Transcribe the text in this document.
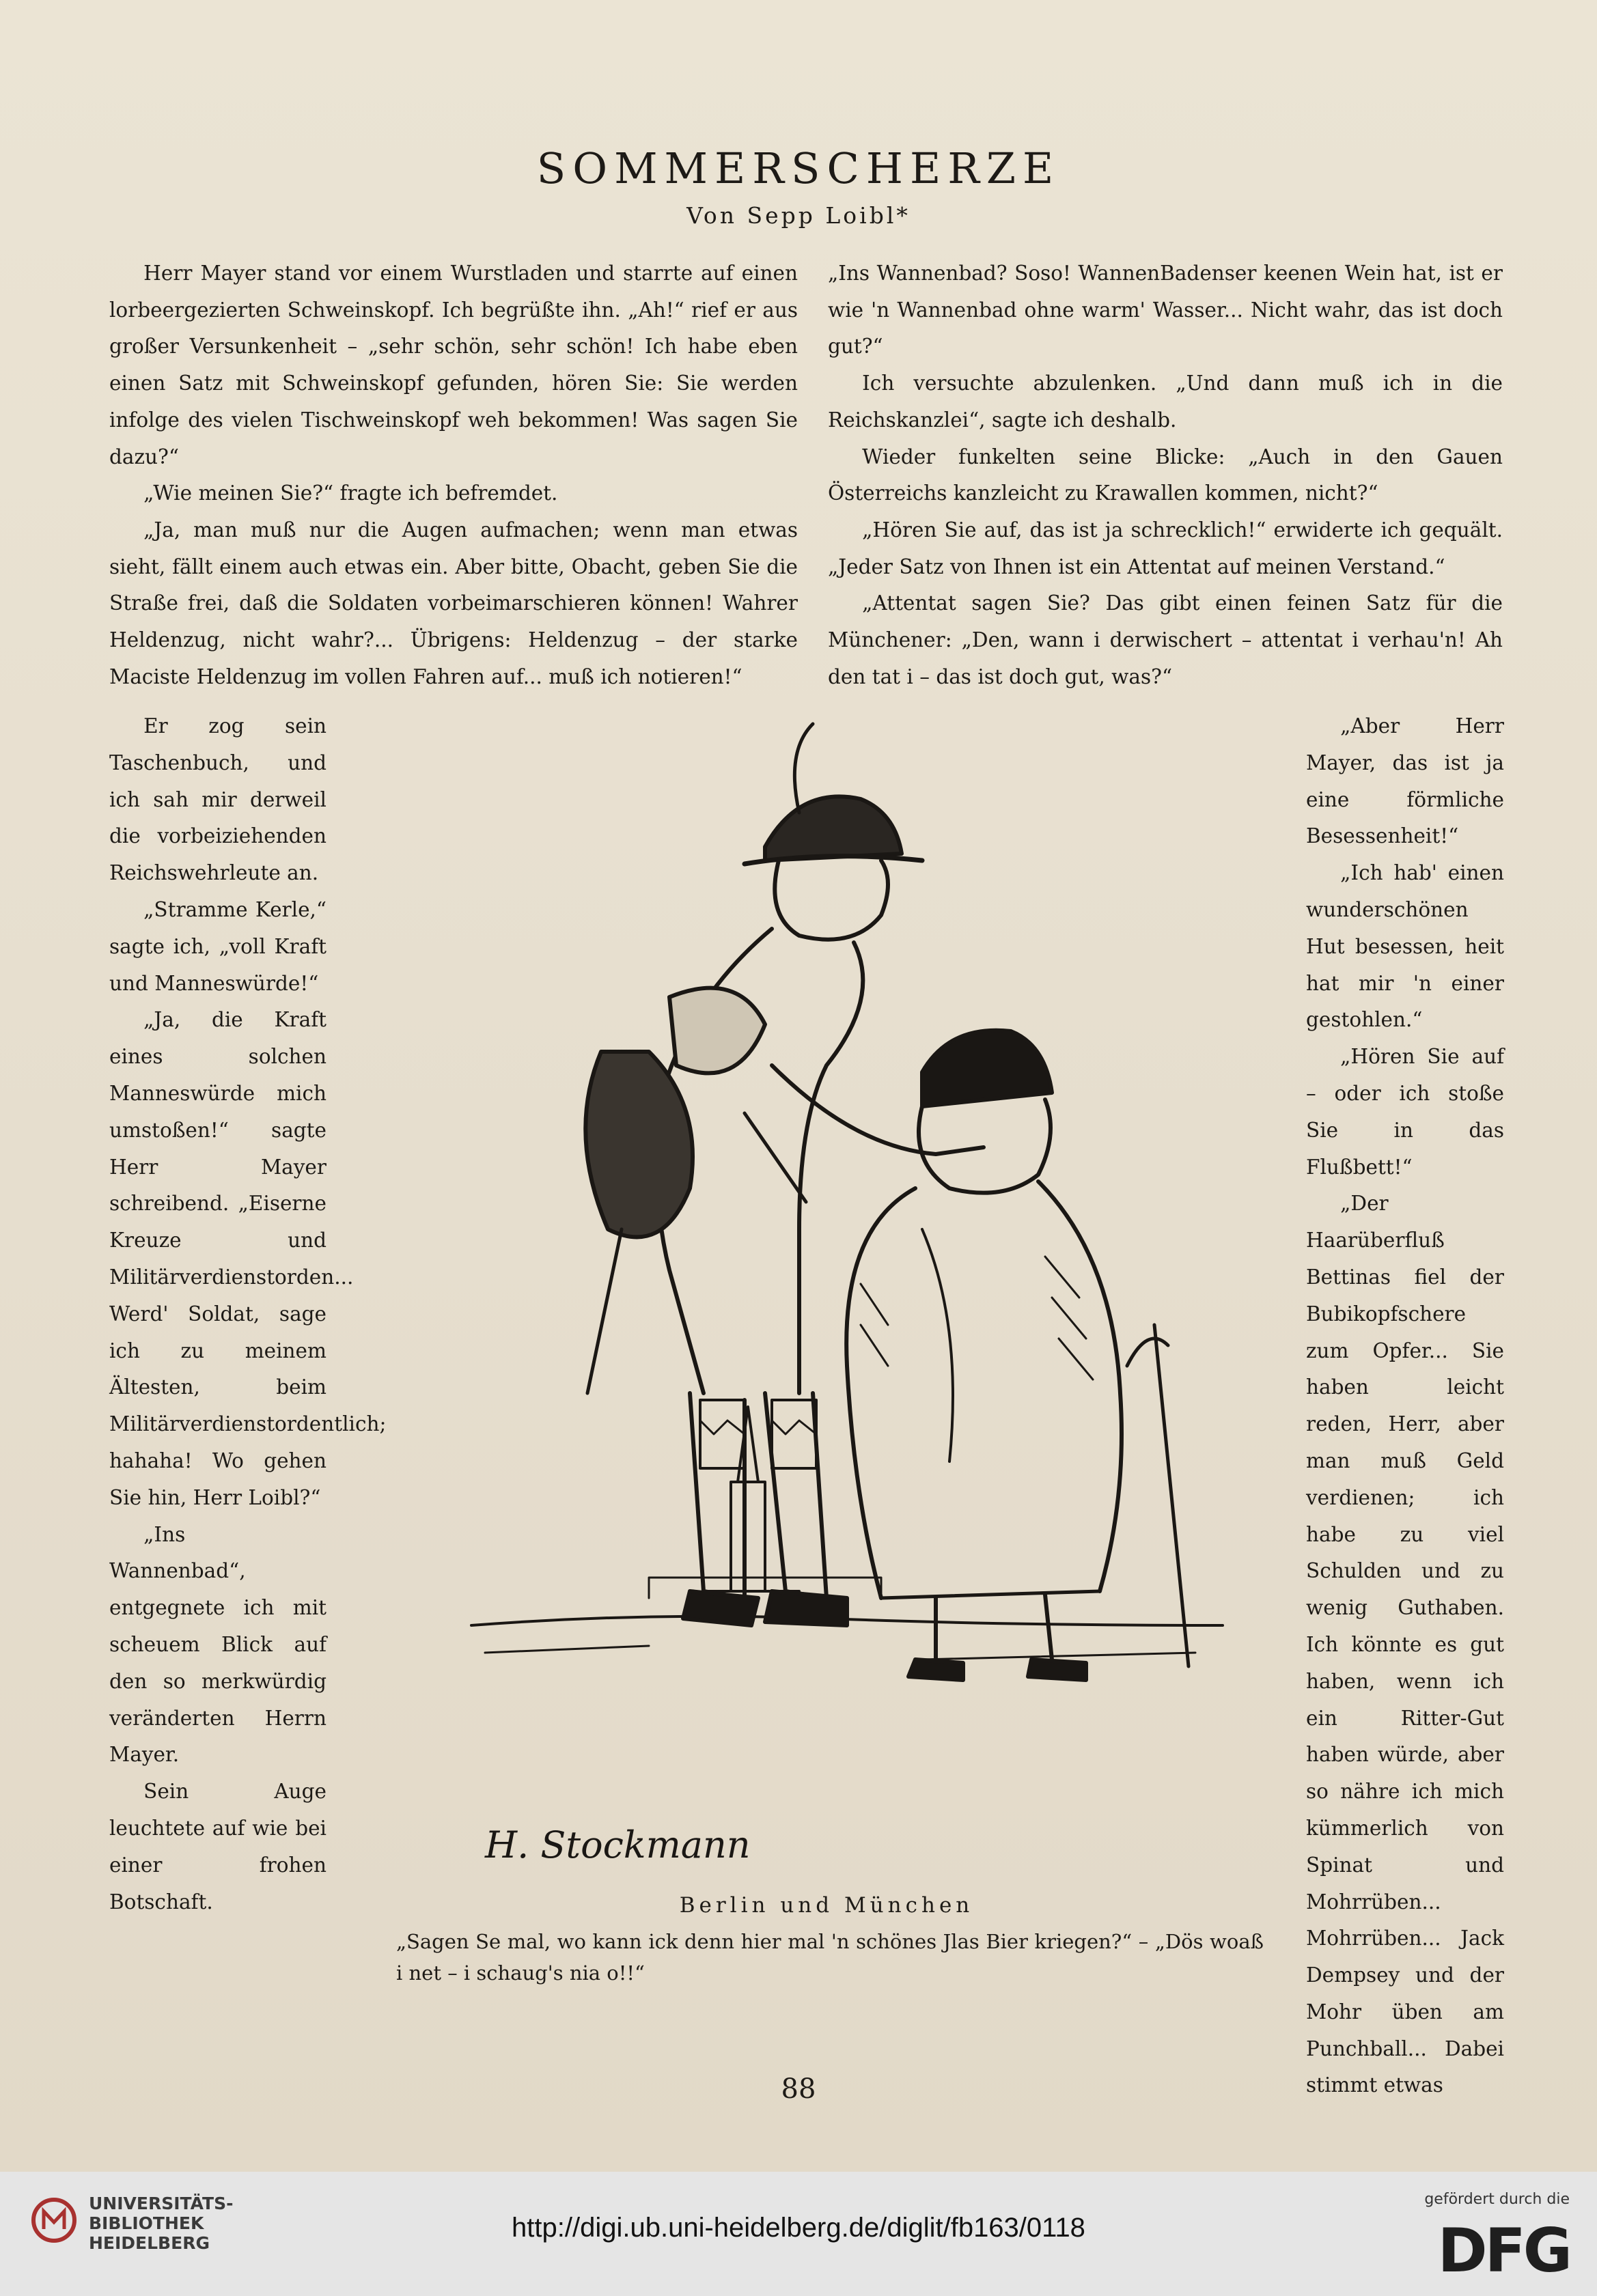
SOMMERSCHERZE
Von Sepp Loibl*

Herr Mayer stand vor einem Wurstladen und starrte auf einen lorbeergezierten Schweinskopf. Ich begrüßte ihn. „Ah!“ rief er aus großer Versunkenheit – „sehr schön, sehr schön! Ich habe eben einen Satz mit Schweinskopf gefunden, hören Sie: Sie werden infolge des vielen Tischweinskopf weh bekommen! Was sagen Sie dazu?“

„Wie meinen Sie?“ fragte ich befremdet.

„Ja, man muß nur die Augen aufmachen; wenn man etwas sieht, fällt einem auch etwas ein. Aber bitte, Obacht, geben Sie die Straße frei, daß die Soldaten vorbeimarschieren können! Wahrer Heldenzug, nicht wahr?... Übrigens: Heldenzug – der starke Maciste Heldenzug im vollen Fahren auf... muß ich notieren!“

„Ins Wannenbad? Soso! WannenBadenser keenen Wein hat, ist er wie 'n Wannenbad ohne warm' Wasser... Nicht wahr, das ist doch gut?“

Ich versuchte abzulenken. „Und dann muß ich in die Reichskanzlei“, sagte ich deshalb.

Wieder funkelten seine Blicke: „Auch in den Gauen Österreichs kanzleicht zu Krawallen kommen, nicht?“

„Hören Sie auf, das ist ja schrecklich!“ erwiderte ich gequält. „Jeder Satz von Ihnen ist ein Attentat auf meinen Verstand.“

„Attentat sagen Sie? Das gibt einen feinen Satz für die Münchener: „Den, wann i derwischert – attentat i verhau'n! Ah den tat i – das ist doch gut, was?“

Er zog sein Taschenbuch, und ich sah mir derweil die vorbeiziehenden Reichswehrleute an.

„Stramme Kerle,“ sagte ich, „voll Kraft und Manneswürde!“

„Ja, die Kraft eines solchen Manneswürde mich umstoßen!“ sagte Herr Mayer schreibend. „Eiserne Kreuze und Militärverdienstorden... Werd' Soldat, sage ich zu meinem Ältesten, beim Militärverdienstordentlich; hahaha! Wo gehen Sie hin, Herr Loibl?“

„Ins Wannenbad“, entgegnete ich mit scheuem Blick auf den so merkwürdig veränderten Herrn Mayer.

Sein Auge leuchtete auf wie bei einer frohen Botschaft.

„Aber Herr Mayer, das ist ja eine förmliche Besessenheit!“

„Ich hab' einen wunderschönen Hut besessen, heit hat mir 'n einer gestohlen.“

„Hören Sie auf – oder ich stoße Sie in das Flußbett!“

„Der Haarüberfluß Bettinas fiel der Bubikopfschere zum Opfer... Sie haben leicht reden, Herr, aber man muß Geld verdienen; ich habe zu viel Schulden und zu wenig Guthaben. Ich könnte es gut haben, wenn ich ein Ritter-Gut haben würde, aber so nähre ich mich kümmerlich von Spinat und Mohrrüben... Mohrrüben... Jack Dempsey und der Mohr üben am Punchball... Dabei stimmt etwas

H. Stockmann
Berlin und München
„Sagen Se mal, wo kann ick denn hier mal 'n schönes Jlas Bier kriegen?“ – „Dös woaß i net – i schaug's nia o!!“
88
UNIVERSITÄTS-
BIBLIOTHEK
HEIDELBERG
http://digi.ub.uni-heidelberg.de/diglit/fb163/0118
gefördert durch die
DFG
